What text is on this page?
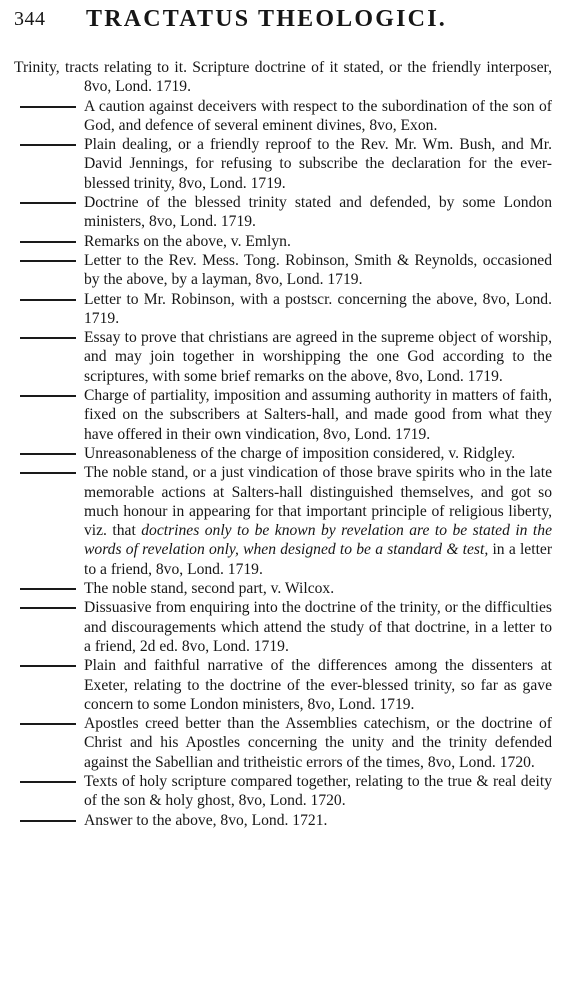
344 TRACTATUS THEOLOGICI.
Trinity, tracts relating to it. Scripture doctrine of it stated, or the friendly interposer, 8vo, Lond. 1719.
A caution against deceivers with respect to the subordination of the son of God, and defence of several eminent divines, 8vo, Exon.
Plain dealing, or a friendly reproof to the Rev. Mr. Wm. Bush, and Mr. David Jennings, for refusing to subscribe the declaration for the ever-blessed trinity, 8vo, Lond. 1719.
Doctrine of the blessed trinity stated and defended, by some London ministers, 8vo, Lond. 1719.
Remarks on the above, v. Emlyn.
Letter to the Rev. Mess. Tong. Robinson, Smith & Reynolds, occasioned by the above, by a layman, 8vo, Lond. 1719.
Letter to Mr. Robinson, with a postscr. concerning the above, 8vo, Lond. 1719.
Essay to prove that christians are agreed in the supreme object of worship, and may join together in worshipping the one God according to the scriptures, with some brief remarks on the above, 8vo, Lond. 1719.
Charge of partiality, imposition and assuming authority in matters of faith, fixed on the subscribers at Salters-hall, and made good from what they have offered in their own vindication, 8vo, Lond. 1719.
Unreasonableness of the charge of imposition considered, v. Ridgley.
The noble stand, or a just vindication of those brave spirits who in the late memorable actions at Salters-hall distinguished themselves, and got so much honour in appearing for that important principle of religious liberty, viz. that doctrines only to be known by revelation are to be stated in the words of revelation only, when designed to be a standard & test, in a letter to a friend, 8vo, Lond. 1719.
The noble stand, second part, v. Wilcox.
Dissuasive from enquiring into the doctrine of the trinity, or the difficulties and discouragements which attend the study of that doctrine, in a letter to a friend, 2d ed. 8vo, Lond. 1719.
Plain and faithful narrative of the differences among the dissenters at Exeter, relating to the doctrine of the ever-blessed trinity, so far as gave concern to some London ministers, 8vo, Lond. 1719.
Apostles creed better than the Assemblies catechism, or the doctrine of Christ and his Apostles concerning the unity and the trinity defended against the Sabellian and tritheistic errors of the times, 8vo, Lond. 1720.
Texts of holy scripture compared together, relating to the true & real deity of the son & holy ghost, 8vo, Lond. 1720.
Answer to the above, 8vo, Lond. 1721.
